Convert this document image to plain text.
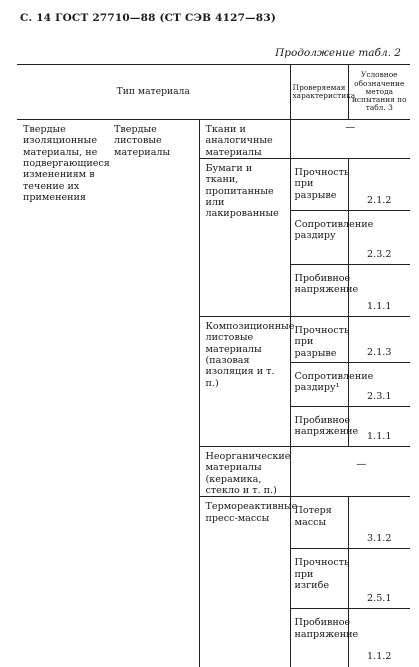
С. 14 ГОСТ 27710—88 (СТ СЭВ 4127—83)
Продолжение табл. 2
Тип материала			Проверяемая характеристика	Условное обозначение метода испытания по табл. 3

Твердые изоляционные материалы, не подвергающиеся изменениям в течение их применения	Твердые листовые материалы	Ткани и аналогичные материалы	—	

		Бумаги и ткани, пропитанные или лакированные	Прочность при разрыве	2.1.2

			Сопротивление раздиру	2.3.2

			Пробивное напряжение	1.1.1

		Композиционные листовые материалы (пазовая изоляция и т. п.)	Прочность при разрыве	2.1.3

			Сопротивление раздиру¹	2.3.1

			Пробивное напряжение	1.1.1

		Неорганические материалы (керамика, стекло и т. п.)	—	

		Термореактивные пресс-массы	Потеря массы	3.1.2

			Прочность при изгибе	2.5.1

			Пробивное напряжение	1.1.2
